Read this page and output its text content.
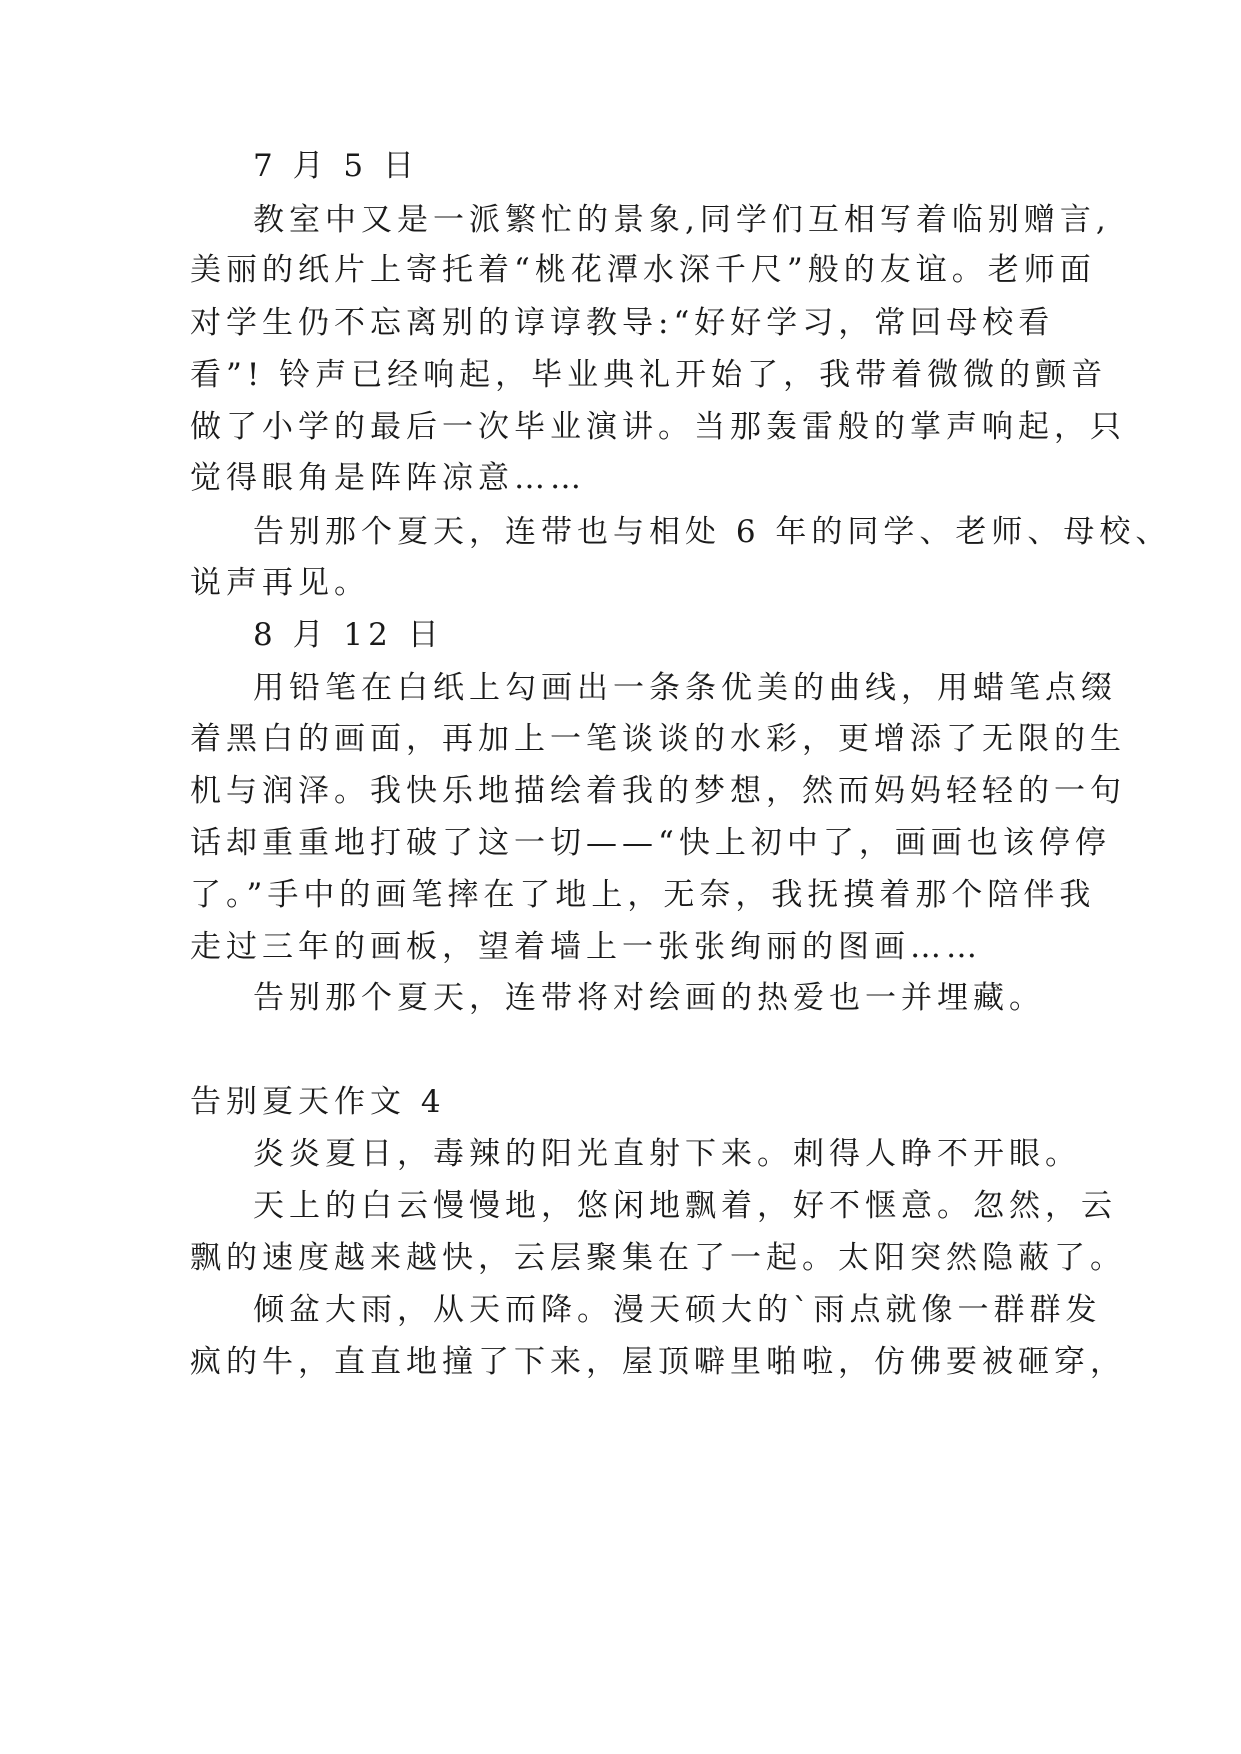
7 月 5 日
教室中又是一派繁忙的景象,同学们互相写着临别赠言,
美丽的纸片上寄托着“桃花潭水深千尺”般的友谊。老师面
对学生仍不忘离别的谆谆教导:“好好学习，常回母校看
看”! 铃声已经响起，毕业典礼开始了，我带着微微的颤音
做了小学的最后一次毕业演讲。当那轰雷般的掌声响起，只
觉得眼角是阵阵凉意……
告别那个夏天，连带也与相处 6 年的同学、老师、母校、
说声再见。
8 月 12 日
用铅笔在白纸上勾画出一条条优美的曲线，用蜡笔点缀
着黑白的画面，再加上一笔谈谈的水彩，更增添了无限的生
机与润泽。我快乐地描绘着我的梦想，然而妈妈轻轻的一句
话却重重地打破了这一切——“快上初中了，画画也该停停
了。”手中的画笔摔在了地上，无奈，我抚摸着那个陪伴我
走过三年的画板，望着墙上一张张绚丽的图画……
告别那个夏天，连带将对绘画的热爱也一并埋藏。
告别夏天作文 4
炎炎夏日，毒辣的阳光直射下来。刺得人睁不开眼。
天上的白云慢慢地，悠闲地飘着，好不惬意。忽然，云
飘的速度越来越快，云层聚集在了一起。太阳突然隐蔽了。
倾盆大雨，从天而降。漫天硕大的`雨点就像一群群发
疯的牛，直直地撞了下来，屋顶噼里啪啦，仿佛要被砸穿，
